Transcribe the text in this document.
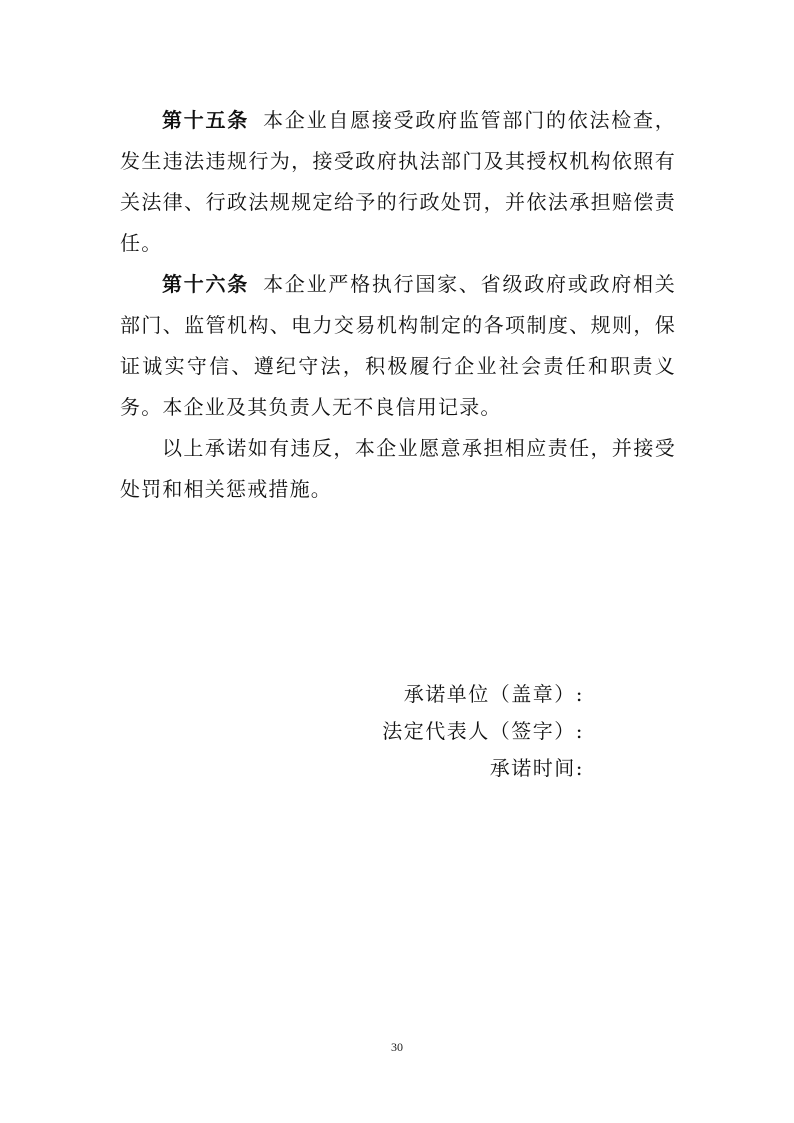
第十五条 本企业自愿接受政府监管部门的依法检查，发生违法违规行为，接受政府执法部门及其授权机构依照有关法律、行政法规规定给予的行政处罚，并依法承担赔偿责任。

第十六条 本企业严格执行国家、省级政府或政府相关部门、监管机构、电力交易机构制定的各项制度、规则，保证诚实守信、遵纪守法，积极履行企业社会责任和职责义务。本企业及其负责人无不良信用记录。

以上承诺如有违反，本企业愿意承担相应责任，并接受处罚和相关惩戒措施。

承诺单位（盖章）:
法定代表人（签字）:
承诺时间:
30
